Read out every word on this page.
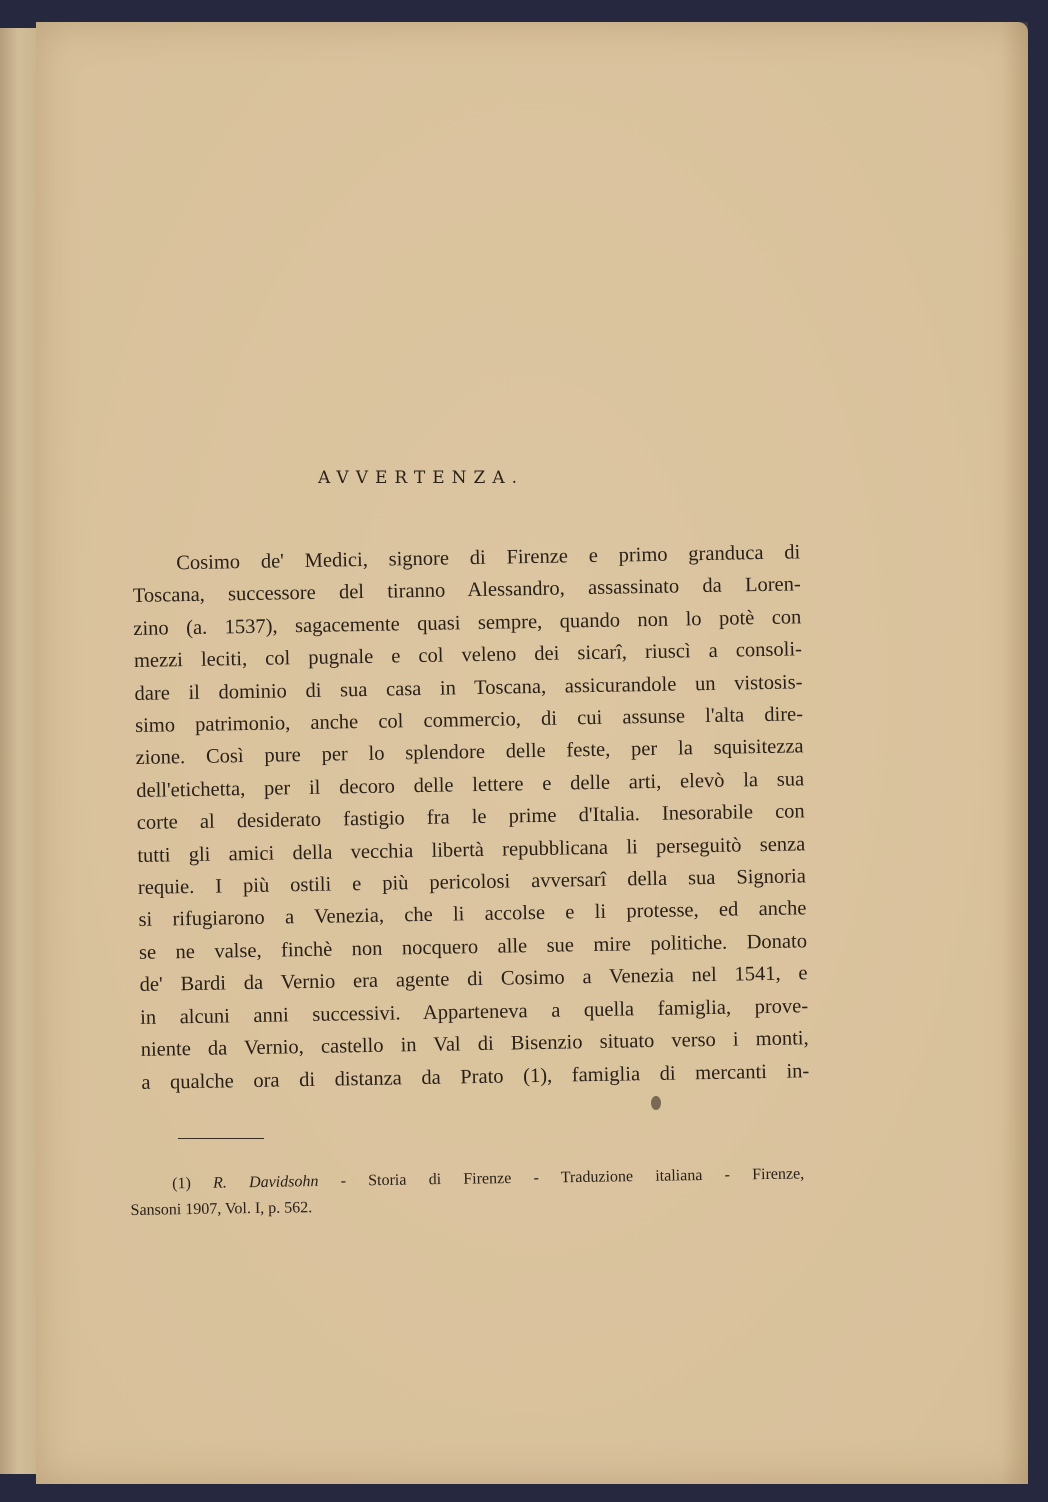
AVVERTENZA.
Cosimo de' Medici, signore di Firenze e primo granduca di
Toscana, successore del tiranno Alessandro, assassinato da Loren-
zino (a. 1537), sagacemente quasi sempre, quando non lo potè con
mezzi leciti, col pugnale e col veleno dei sicarî, riuscì a consoli-
dare il dominio di sua casa in Toscana, assicurandole un vistosis-
simo patrimonio, anche col commercio, di cui assunse l'alta dire-
zione. Così pure per lo splendore delle feste, per la squisitezza
dell'etichetta, per il decoro delle lettere e delle arti, elevò la sua
corte al desiderato fastigio fra le prime d'Italia. Inesorabile con
tutti gli amici della vecchia libertà repubblicana li perseguitò senza
requie. I più ostili e più pericolosi avversarî della sua Signoria
si rifugiarono a Venezia, che li accolse e li protesse, ed anche
se ne valse, finchè non nocquero alle sue mire politiche. Donato
de' Bardi da Vernio era agente di Cosimo a Venezia nel 1541, e
in alcuni anni successivi. Apparteneva a quella famiglia, prove-
niente da Vernio, castello in Val di Bisenzio situato verso i monti,
a qualche ora di distanza da Prato (1), famiglia di mercanti in-
(1) R. Davidsohn - Storia di Firenze - Traduzione italiana - Firenze,
Sansoni 1907, Vol. I, p. 562.
